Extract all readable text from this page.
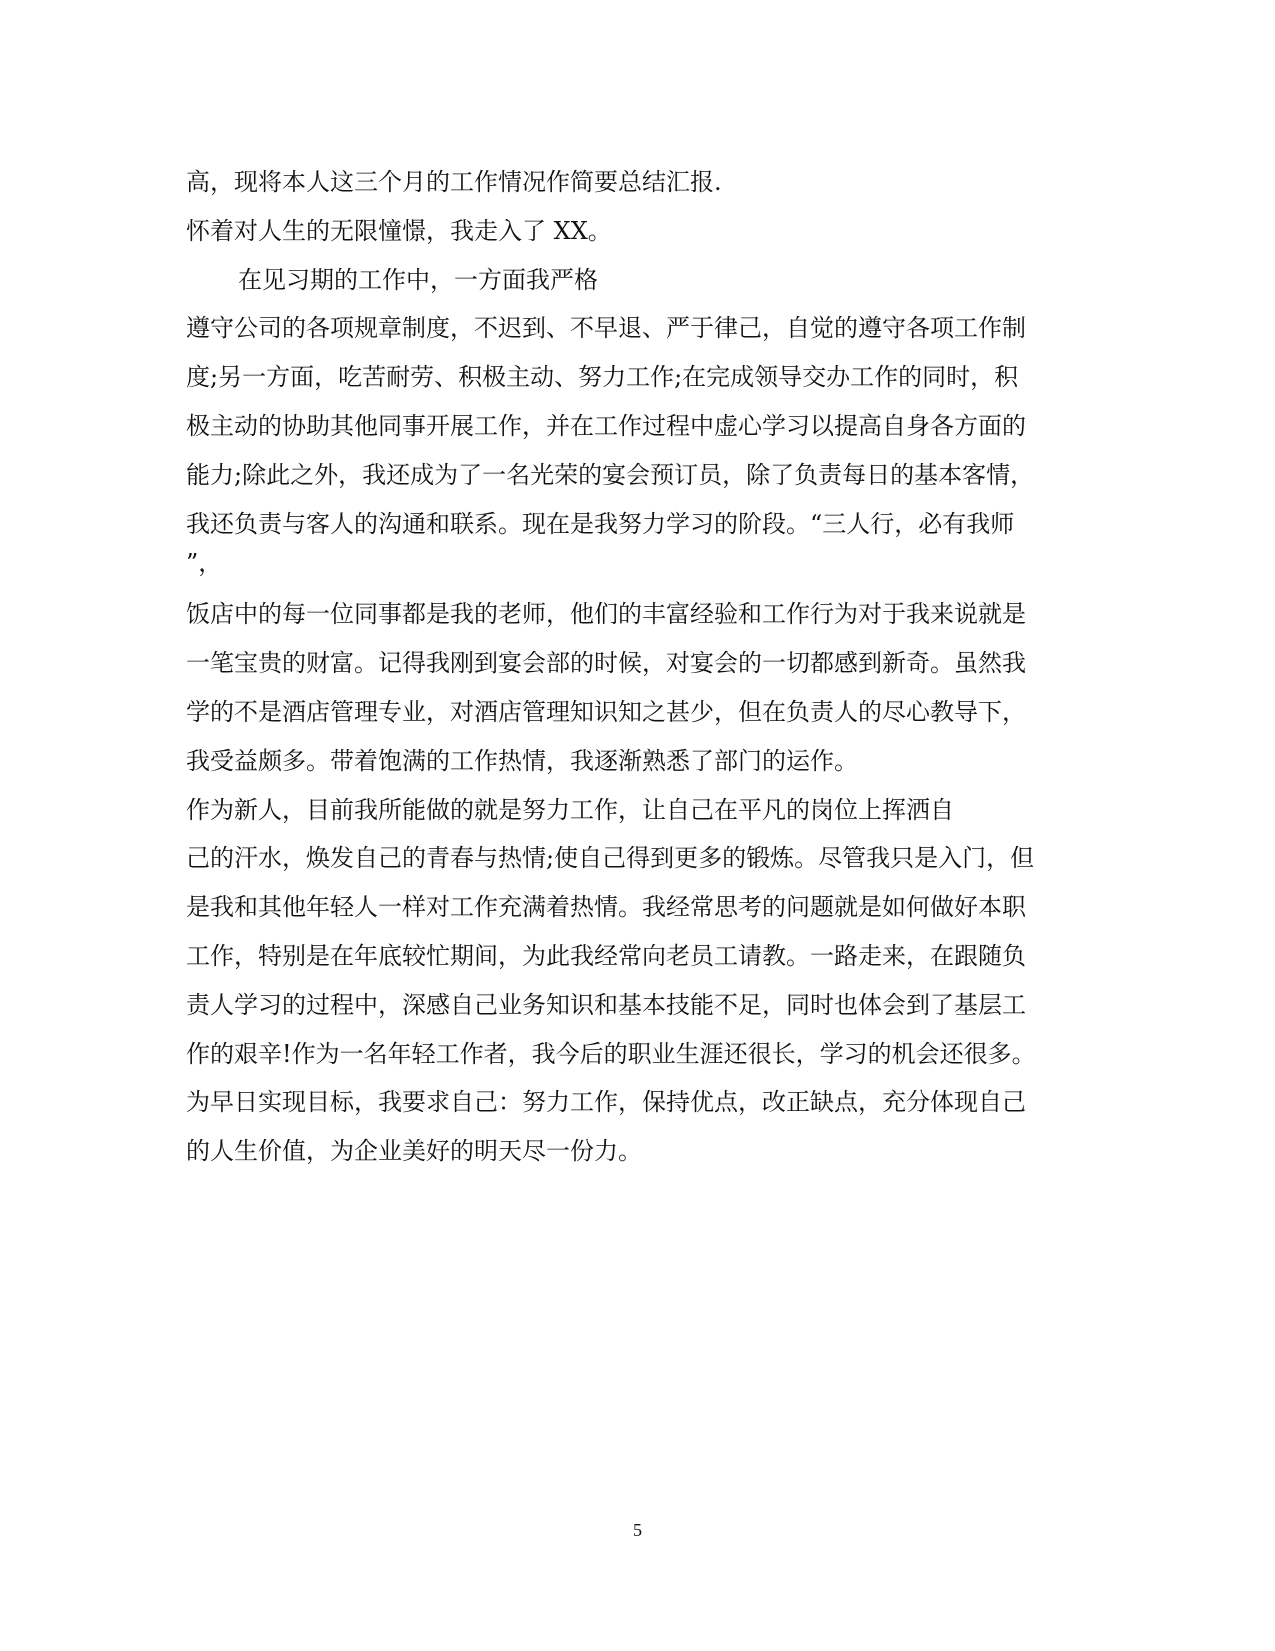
高，现将本人这三个月的工作情况作简要总结汇报.
怀着对人生的无限憧憬，我走入了 XX。
在见习期的工作中，一方面我严格
遵守公司的各项规章制度，不迟到、不早退、严于律己，自觉的遵守各项工作制
度;另一方面，吃苦耐劳、积极主动、努力工作;在完成领导交办工作的同时，积
极主动的协助其他同事开展工作，并在工作过程中虚心学习以提高自身各方面的
能力;除此之外，我还成为了一名光荣的宴会预订员，除了负责每日的基本客情，
我还负责与客人的沟通和联系。现在是我努力学习的阶段。“三人行，必有我师
”，
饭店中的每一位同事都是我的老师，他们的丰富经验和工作行为对于我来说就是
一笔宝贵的财富。记得我刚到宴会部的时候，对宴会的一切都感到新奇。虽然我
学的不是酒店管理专业，对酒店管理知识知之甚少，但在负责人的尽心教导下，
我受益颇多。带着饱满的工作热情，我逐渐熟悉了部门的运作。
作为新人，目前我所能做的就是努力工作，让自己在平凡的岗位上挥洒自
己的汗水，焕发自己的青春与热情;使自己得到更多的锻炼。尽管我只是入门，但
是我和其他年轻人一样对工作充满着热情。我经常思考的问题就是如何做好本职
工作，特别是在年底较忙期间，为此我经常向老员工请教。一路走来，在跟随负
责人学习的过程中，深感自己业务知识和基本技能不足，同时也体会到了基层工
作的艰辛!作为一名年轻工作者，我今后的职业生涯还很长，学习的机会还很多。
为早日实现目标，我要求自己：努力工作，保持优点，改正缺点，充分体现自己
的人生价值，为企业美好的明天尽一份力。
5
